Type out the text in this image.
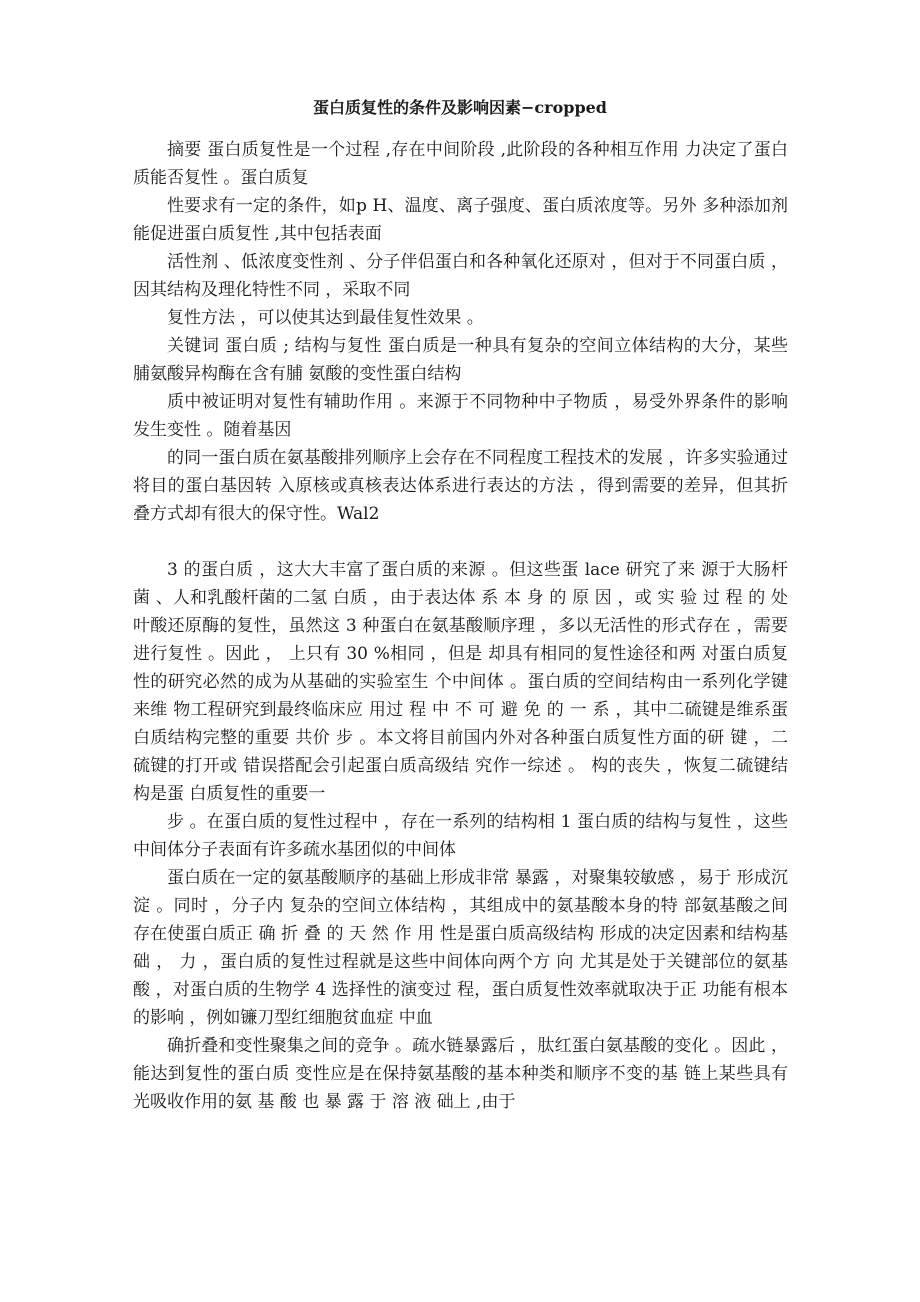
蛋白质复性的条件及影响因素−cropped

摘要 蛋白质复性是一个过程 ,存在中间阶段 ,此阶段的各种相互作用 力决定了蛋白质能否复性 。蛋白质复

性要求有一定的条件，如p H、温度、离子强度、蛋白质浓度等。另外 多种添加剂能促进蛋白质复性 ,其中包括表面

活性剂 、低浓度变性剂 、分子伴侣蛋白和各种氧化还原对 ，但对于不同蛋白质 ，因其结构及理化特性不同 ，采取不同

复性方法 ，可以使其达到最佳复性效果 。

关键词 蛋白质 ; 结构与复性 蛋白质是一种具有复杂的空间立体结构的大分，某些脯氨酸异构酶在含有脯 氨酸的变性蛋白结构

质中被证明对复性有辅助作用 。来源于不同物种中子物质 ，易受外界条件的影响发生变性 。随着基因

的同一蛋白质在氨基酸排列顺序上会存在不同程度工程技术的发展 ，许多实验通过将目的蛋白基因转 入原核或真核表达体系进行表达的方法 ，得到需要的差异，但其折叠方式却有很大的保守性。Wal2

3 的蛋白质 ，这大大丰富了蛋白质的来源 。但这些蛋 lace 研究了来 源于大肠杆菌 、人和乳酸杆菌的二氢 白质 ，由于表达体 系 本 身 的 原 因 ，或 实 验 过 程 的 处 叶酸还原酶的复性，虽然这 3 种蛋白在氨基酸顺序理 ，多以无活性的形式存在 ，需要进行复性 。因此 ， 上只有 30 %相同 ，但是 却具有相同的复性途径和两 对蛋白质复性的研究必然的成为从基础的实验室生 个中间体 。蛋白质的空间结构由一系列化学键来维 物工程研究到最终临床应 用过 程 中 不 可 避 免 的 一 系 ，其中二硫键是维系蛋白质结构完整的重要 共价 步 。本文将目前国内外对各种蛋白质复性方面的研 键 ，二硫键的打开或 错误搭配会引起蛋白质高级结 究作一综述 。 构的丧失 ，恢复二硫键结构是蛋 白质复性的重要一

步 。在蛋白质的复性过程中 ，存在一系列的结构相 1 蛋白质的结构与复性 ，这些中间体分子表面有许多疏水基团似的中间体

蛋白质在一定的氨基酸顺序的基础上形成非常 暴露 ，对聚集较敏感 ，易于 形成沉淀 。同时 ，分子内 复杂的空间立体结构 ，其组成中的氨基酸本身的特 部氨基酸之间存在使蛋白质正 确 折 叠 的 天 然 作 用 性是蛋白质高级结构 形成的决定因素和结构基础 ， 力 ，蛋白质的复性过程就是这些中间体向两个方 向 尤其是处于关键部位的氨基酸 ，对蛋白质的生物学 4 选择性的演变过 程，蛋白质复性效率就取决于正 功能有根本的影响 ，例如镰刀型红细胞贫血症 中血

确折叠和变性聚集之间的竞争 。疏水链暴露后 ，肽红蛋白氨基酸的变化 。因此 ，能达到复性的蛋白质 变性应是在保持氨基酸的基本种类和顺序不变的基 链上某些具有光吸收作用的氨 基 酸 也 暴 露 于 溶 液 础上 ,由于
